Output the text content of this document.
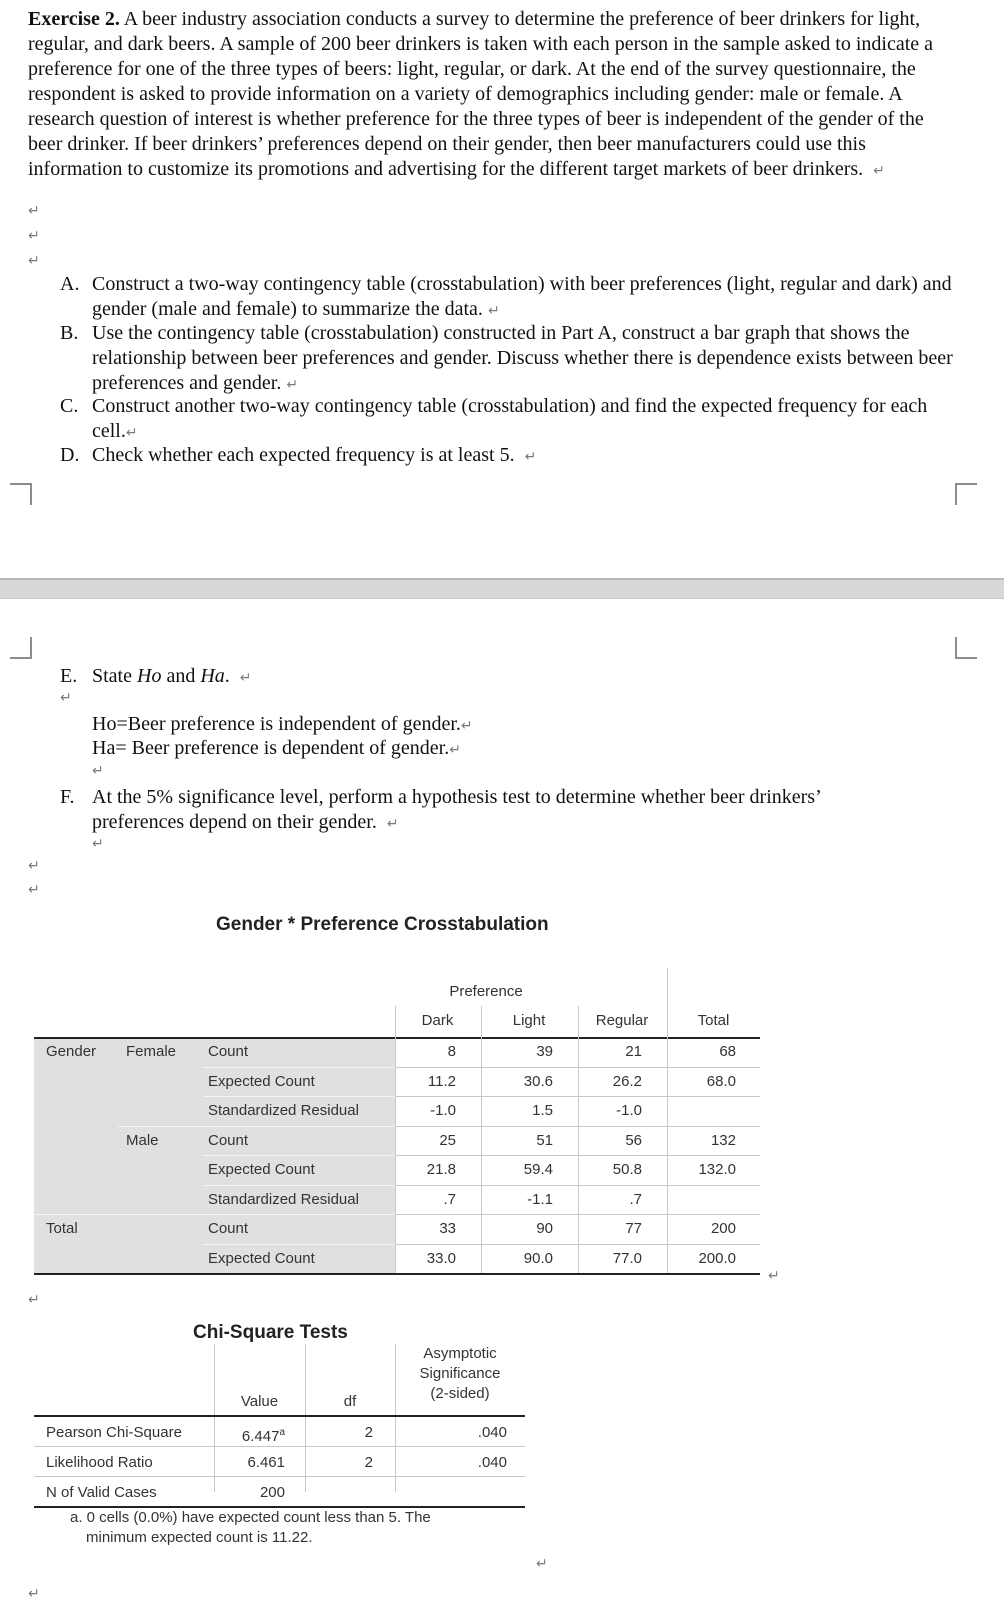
Exercise 2. A beer industry association conducts a survey to determine the preference of beer drinkers for light, regular, and dark beers. A sample of 200 beer drinkers is taken with each person in the sample asked to indicate a preference for one of the three types of beers: light, regular, or dark. At the end of the survey questionnaire, the respondent is asked to provide information on a variety of demographics including gender: male or female. A research question of interest is whether preference for the three types of beer is independent of the gender of the beer drinker. If beer drinkers’ preferences depend on their gender, then beer manufacturers could use this information to customize its promotions and advertising for the different target markets of beer drinkers. ↵
↵
↵
↵
A. Construct a two-way contingency table (crosstabulation) with beer preferences (light, regular and dark) and gender (male and female) to summarize the data. ↵
B. Use the contingency table (crosstabulation) constructed in Part A, construct a bar graph that shows the relationship between beer preferences and gender. Discuss whether there is dependence exists between beer preferences and gender. ↵
C. Construct another two-way contingency table (crosstabulation) and find the expected frequency for each cell.↵
D. Check whether each expected frequency is at least 5. ↵
E. State Ho and Ha. ↵
↵
Ho=Beer preference is independent of gender.↵
Ha= Beer preference is dependent of gender.↵
↵
F. At the 5% significance level, perform a hypothesis test to determine whether beer drinkers’ preferences depend on their gender. ↵
↵
↵
↵
Gender * Preference Crosstabulation
Preference
Dark	Light	Regular	Total
Gender Female Count	8	39	21	68
Expected Count	11.2	30.6	26.2	68.0
Standardized Residual	-1.0	1.5	-1.0
Male	Count	25	51	56	132
Expected Count	21.8	59.4	50.8	132.0
Standardized Residual	.7	-1.1	.7
Total	Count	33	90	77	200
Expected Count	33.0	90.0	77.0	200.0
↵
↵
Chi-Square Tests
Value	df
Asymptotic
Significance
(2-sided)
Pearson Chi-Square	6.447$^a$	2	.040
Likelihood Ratio	6.461	2	.040
N of Valid Cases	200
a. 0 cells (0.0%) have expected count less than 5. The
minimum expected count is 11.22.
↵
↵
